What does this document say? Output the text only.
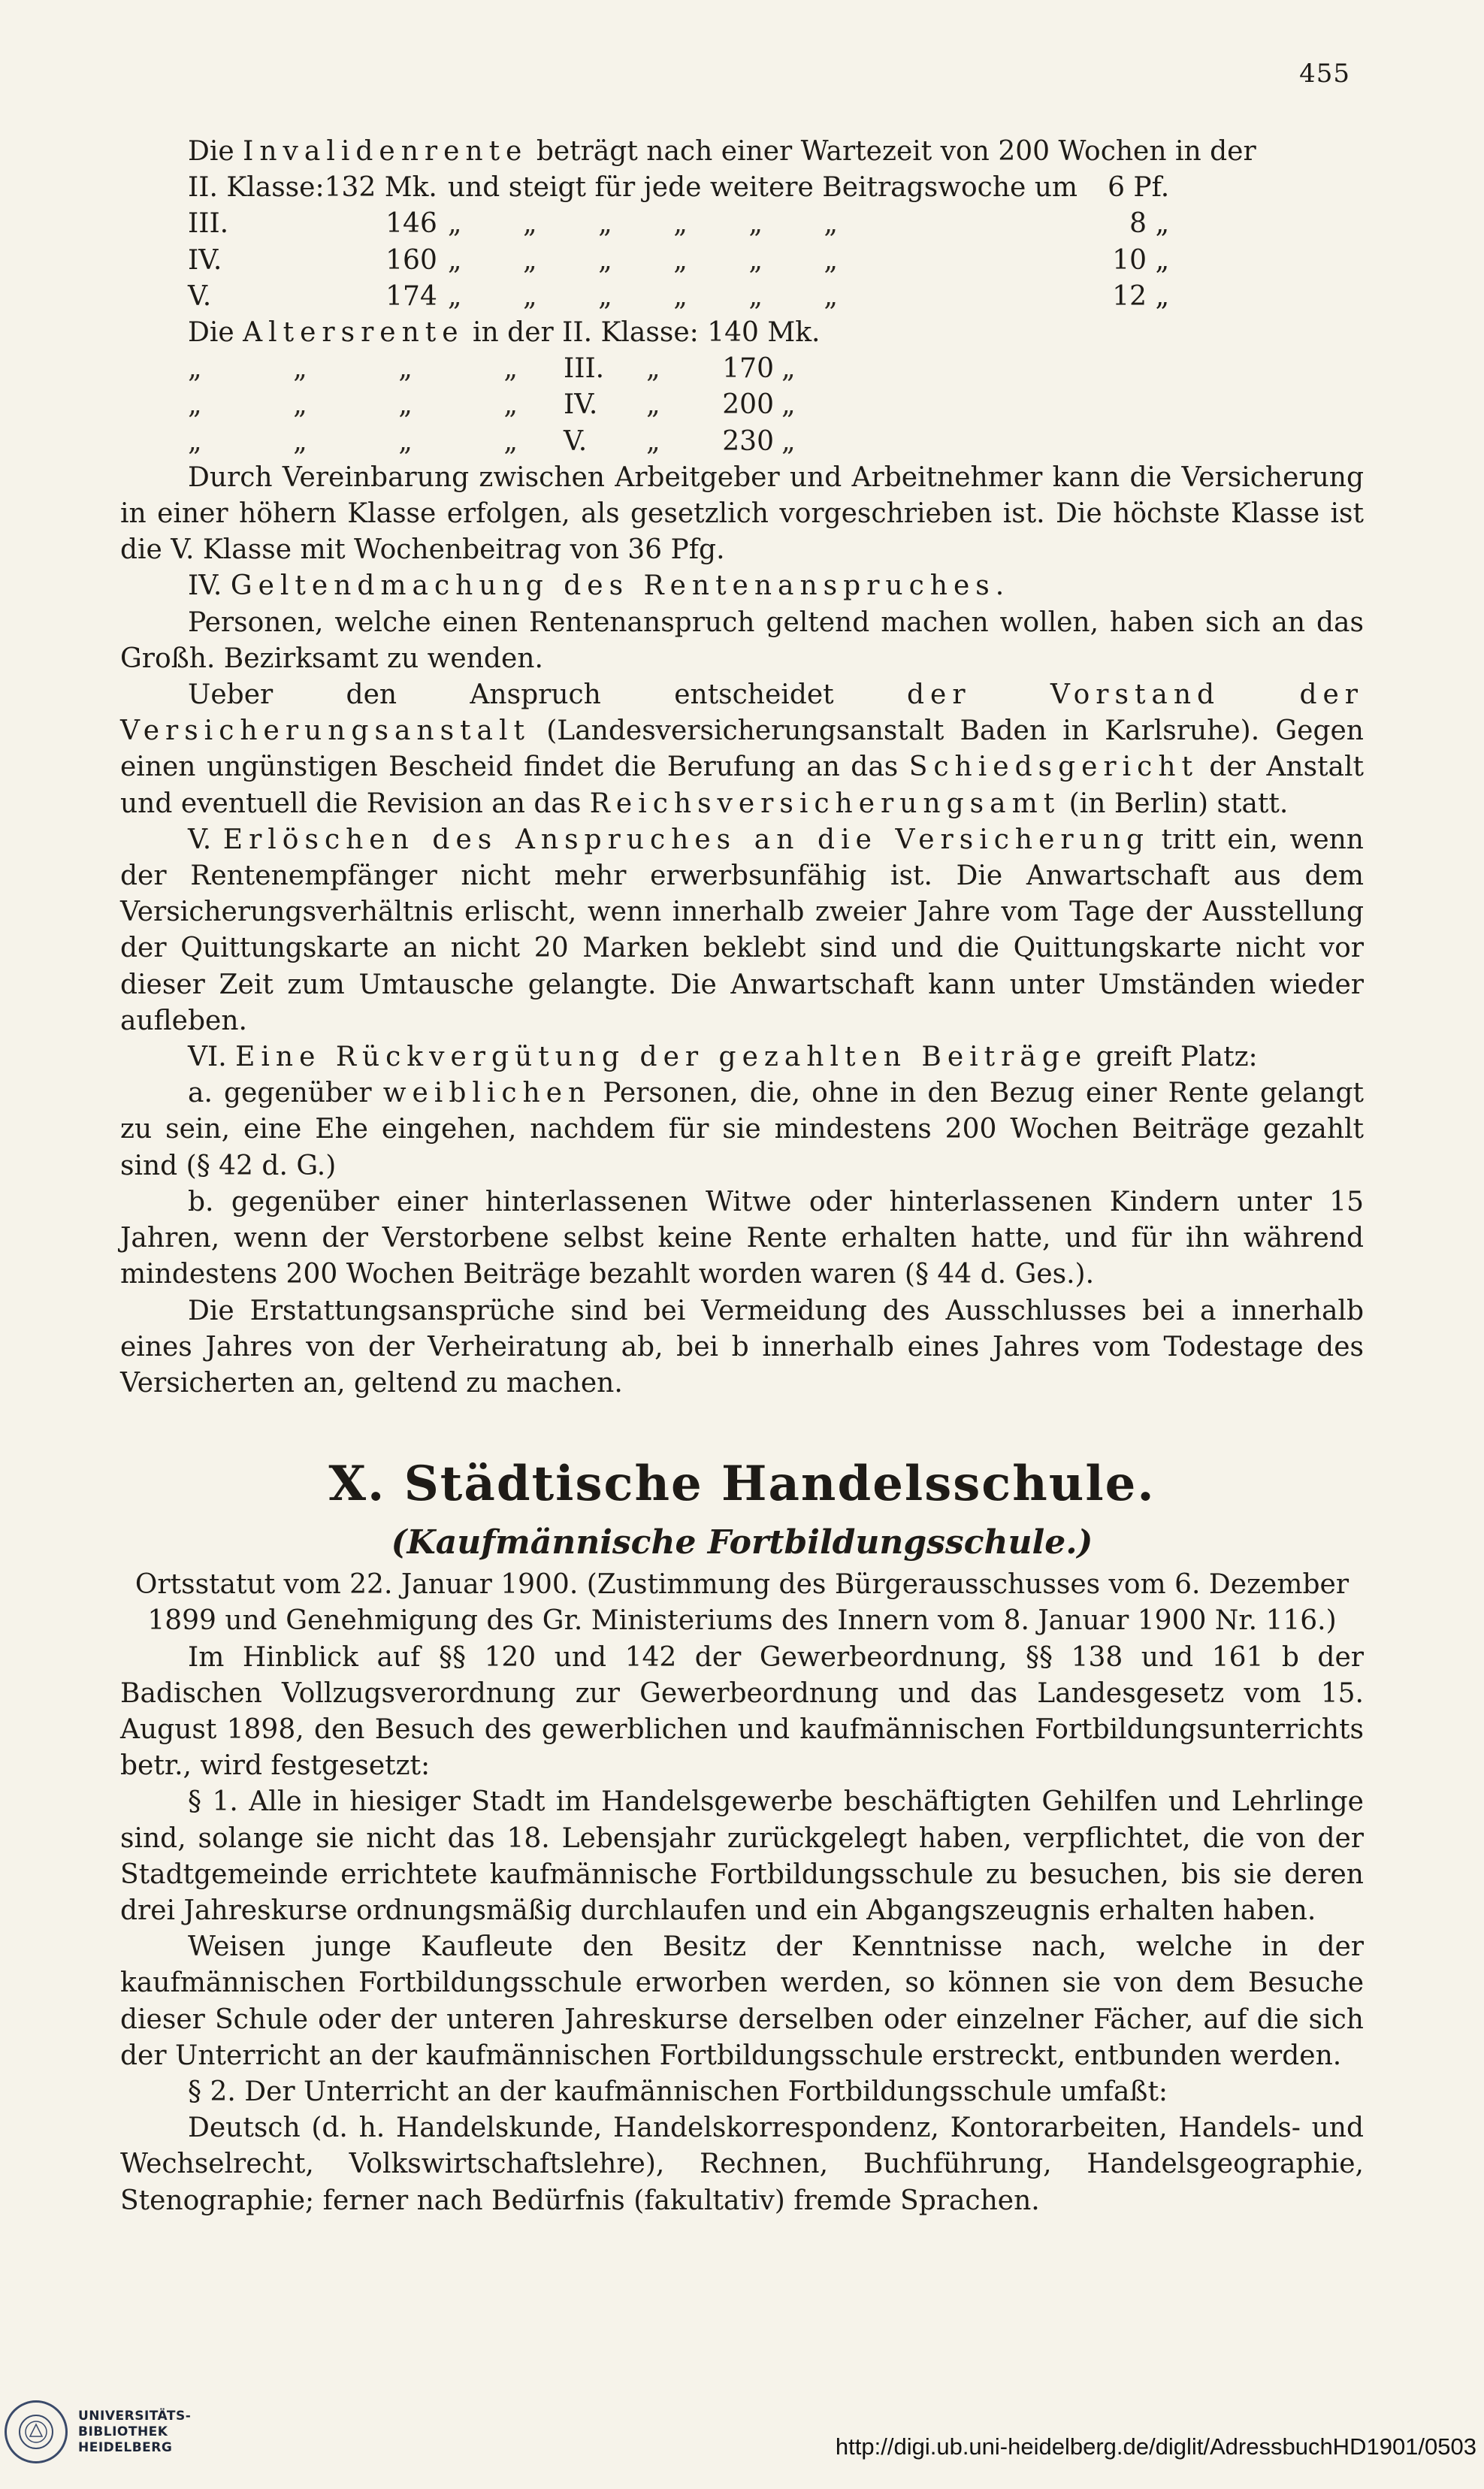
455

Die Invalidenrente beträgt nach einer Wartezeit von 200 Wochen in der

II. Klasse:	132 Mk.	und steigt für jede weitere Beitragswoche um	6 Pf.
III.	146	„ „ „ „ „ „	8 „
IV.	160	„ „ „ „ „ „	10 „
V.	174	„ „ „ „ „ „	12 „

Die Altersrente in der II. Klasse: 140 Mk.

„ „ „ „	III.	„	170	„
„ „ „ „	IV.	„	200	„
„ „ „ „	V.	„	230	„

Durch Vereinbarung zwischen Arbeitgeber und Arbeitnehmer kann die Versicherung in einer höhern Klasse erfolgen, als gesetzlich vorgeschrieben ist. Die höchste Klasse ist die V. Klasse mit Wochenbeitrag von 36 Pfg.

IV. Geltendmachung des Rentenanspruches.

Personen, welche einen Rentenanspruch geltend machen wollen, haben sich an das Großh. Bezirksamt zu wenden.

Ueber den Anspruch entscheidet der Vorstand der Versicherungsanstalt (Landesversicherungsanstalt Baden in Karlsruhe). Gegen einen ungünstigen Bescheid findet die Berufung an das Schiedsgericht der Anstalt und eventuell die Revision an das Reichsversicherungsamt (in Berlin) statt.

V. Erlöschen des Anspruches an die Versicherung tritt ein, wenn der Rentenempfänger nicht mehr erwerbsunfähig ist. Die Anwartschaft aus dem Versicherungsverhältnis erlischt, wenn innerhalb zweier Jahre vom Tage der Ausstellung der Quittungskarte an nicht 20 Marken beklebt sind und die Quittungskarte nicht vor dieser Zeit zum Umtausche gelangte. Die Anwartschaft kann unter Umständen wieder aufleben.

VI. Eine Rückvergütung der gezahlten Beiträge greift Platz:

a. gegenüber weiblichen Personen, die, ohne in den Bezug einer Rente gelangt zu sein, eine Ehe eingehen, nachdem für sie mindestens 200 Wochen Beiträge gezahlt sind (§ 42 d. G.)

b. gegenüber einer hinterlassenen Witwe oder hinterlassenen Kindern unter 15 Jahren, wenn der Verstorbene selbst keine Rente erhalten hatte, und für ihn während mindestens 200 Wochen Beiträge bezahlt worden waren (§ 44 d. Ges.).

Die Erstattungsansprüche sind bei Vermeidung des Ausschlusses bei a innerhalb eines Jahres von der Verheiratung ab, bei b innerhalb eines Jahres vom Todestage des Versicherten an, geltend zu machen.

X. Städtische Handelsschule.
(Kaufmännische Fortbildungsschule.)

Ortsstatut vom 22. Januar 1900. (Zustimmung des Bürgerausschusses vom 6. Dezember 1899 und Genehmigung des Gr. Ministeriums des Innern vom 8. Januar 1900 Nr. 116.)

Im Hinblick auf §§ 120 und 142 der Gewerbeordnung, §§ 138 und 161 b der Badischen Vollzugsverordnung zur Gewerbeordnung und das Landesgesetz vom 15. August 1898, den Besuch des gewerblichen und kaufmännischen Fortbildungsunterrichts betr., wird festgesetzt:

§ 1. Alle in hiesiger Stadt im Handelsgewerbe beschäftigten Gehilfen und Lehrlinge sind, solange sie nicht das 18. Lebensjahr zurückgelegt haben, verpflichtet, die von der Stadtgemeinde errichtete kaufmännische Fortbildungsschule zu besuchen, bis sie deren drei Jahreskurse ordnungsmäßig durchlaufen und ein Abgangszeugnis erhalten haben.

Weisen junge Kaufleute den Besitz der Kenntnisse nach, welche in der kaufmännischen Fortbildungsschule erworben werden, so können sie von dem Besuche dieser Schule oder der unteren Jahreskurse derselben oder einzelner Fächer, auf die sich der Unterricht an der kaufmännischen Fortbildungsschule erstreckt, entbunden werden.

§ 2. Der Unterricht an der kaufmännischen Fortbildungsschule umfaßt:

Deutsch (d. h. Handelskunde, Handelskorrespondenz, Kontorarbeiten, Handels- und Wechselrecht, Volkswirtschaftslehre), Rechnen, Buchführung, Handelsgeographie, Stenographie; ferner nach Bedürfnis (fakultativ) fremde Sprachen.

UNIVERSITÄTS-
BIBLIOTHEK
HEIDELBERG	http://digi.ub.uni-heidelberg.de/diglit/AdressbuchHD1901/0503
